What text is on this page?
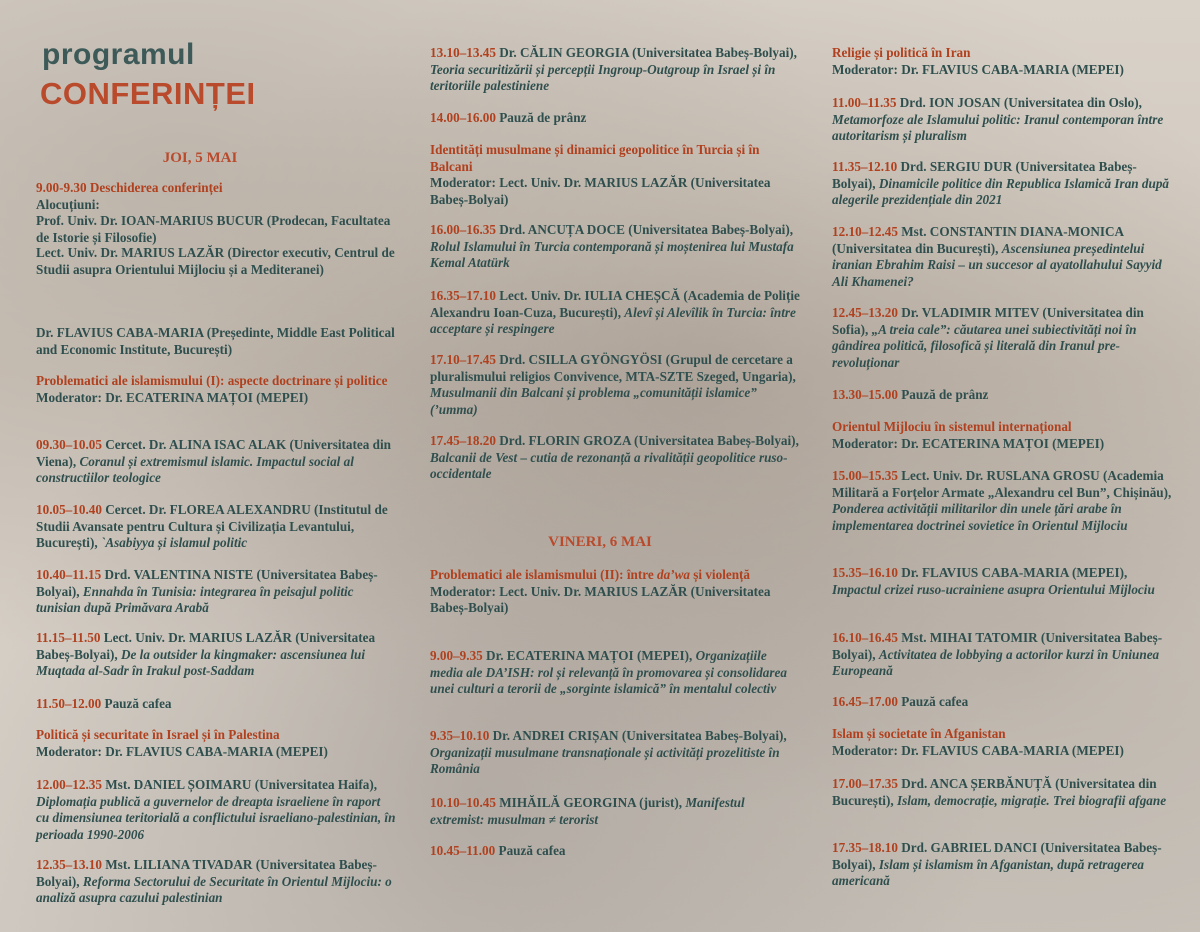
programul
CONFERINȚEI
JOI, 5 MAI
9.00-9.30 Deschiderea conferinței
Alocuțiuni:
Prof. Univ. Dr. IOAN-MARIUS BUCUR (Prodecan, Facultatea de Istorie și Filosofie)
Lect. Univ. Dr. MARIUS LAZĂR (Director executiv, Centrul de Studii asupra Orientului Mijlociu și a Mediteranei)
Dr. FLAVIUS CABA-MARIA (Președinte, Middle East Political and Economic Institute, București)
Problematici ale islamismului (I): aspecte doctrinare și politice
Moderator: Dr. ECATERINA MAȚOI (MEPEI)
09.30–10.05 Cercet. Dr. ALINA ISAC ALAK (Universitatea din Viena), Coranul și extremismul islamic. Impactul social al constructiilor teologice
10.05–10.40 Cercet. Dr. FLOREA ALEXANDRU (Institutul de Studii Avansate pentru Cultura și Civilizația Levantului, București), `Asabiyya și islamul politic
10.40–11.15 Drd. VALENTINA NISTE (Universitatea Babeș-Bolyai), Ennahda în Tunisia: integrarea în peisajul politic tunisian după Primăvara Arabă
11.15–11.50 Lect. Univ. Dr. MARIUS LAZĂR (Universitatea Babeș-Bolyai), De la outsider la kingmaker: ascensiunea lui Muqtada al-Sadr în Irakul post-Saddam
11.50–12.00 Pauză cafea
Politică și securitate în Israel și în Palestina
Moderator: Dr. FLAVIUS CABA-MARIA (MEPEI)
12.00–12.35 Mst. DANIEL ȘOIMARU (Universitatea Haifa), Diplomația publică a guvernelor de dreapta israeliene în raport cu dimensiunea teritorială a conflictului israeliano-palestinian, în perioada 1990-2006
12.35–13.10 Mst. LILIANA TIVADAR (Universitatea Babeș-Bolyai), Reforma Sectorului de Securitate în Orientul Mijlociu: o analiză asupra cazului palestinian
13.10–13.45 Dr. CĂLIN GEORGIA (Universitatea Babeș-Bolyai), Teoria securitizării și percepții Ingroup-Outgroup în Israel și în teritoriile palestiniene
14.00–16.00 Pauză de prânz
Identități musulmane și dinamici geopolitice în Turcia și în Balcani
Moderator: Lect. Univ. Dr. MARIUS LAZĂR (Universitatea Babeș-Bolyai)
16.00–16.35 Drd. ANCUȚA DOCE (Universitatea Babeș-Bolyai), Rolul Islamului în Turcia contemporană și moștenirea lui Mustafa Kemal Atatürk
16.35–17.10 Lect. Univ. Dr. IULIA CHEȘCĂ (Academia de Poliție Alexandru Ioan-Cuza, București), Alevî și Alevîlik în Turcia: între acceptare și respingere
17.10–17.45 Drd. CSILLA GYÖNGYÖSI (Grupul de cercetare a pluralismului religios Convivence, MTA-SZTE Szeged, Ungaria), Musulmanii din Balcani și problema „comunității islamice” (’umma)
17.45–18.20 Drd. FLORIN GROZA (Universitatea Babeș-Bolyai), Balcanii de Vest – cutia de rezonanță a rivalității geopolitice ruso-occidentale
VINERI, 6 MAI
Problematici ale islamismului (II): între da’wa și violență
Moderator: Lect. Univ. Dr. MARIUS LAZĂR (Universitatea Babeș-Bolyai)
9.00–9.35 Dr. ECATERINA MAȚOI (MEPEI), Organizațiile media ale DA’ISH: rol și relevanță în promovarea și consolidarea unei culturi a terorii de „sorginte islamică” în mentalul colectiv
9.35–10.10 Dr. ANDREI CRIȘAN (Universitatea Babeș-Bolyai), Organizații musulmane transnaționale și activități prozelitiste în România
10.10–10.45 MIHĂILĂ GEORGINA (jurist), Manifestul extremist: musulman ≠ terorist
10.45–11.00 Pauză cafea
Religie și politică în Iran
Moderator: Dr. FLAVIUS CABA-MARIA (MEPEI)
11.00–11.35 Drd. ION JOSAN (Universitatea din Oslo), Metamorfoze ale Islamului politic: Iranul contemporan între autoritarism și pluralism
11.35–12.10 Drd. SERGIU DUR (Universitatea Babeș-Bolyai), Dinamicile politice din Republica Islamică Iran după alegerile prezidențiale din 2021
12.10–12.45 Mst. CONSTANTIN DIANA-MONICA (Universitatea din București), Ascensiunea președintelui iranian Ebrahim Raisi – un succesor al ayatollahului Sayyid Ali Khamenei?
12.45–13.20 Dr. VLADIMIR MITEV (Universitatea din Sofia), „A treia cale”: căutarea unei subiectivități noi în gândirea politică, filosofică și literală din Iranul pre-revoluționar
13.30–15.00 Pauză de prânz
Orientul Mijlociu în sistemul internațional
Moderator: Dr. ECATERINA MAȚOI (MEPEI)
15.00–15.35 Lect. Univ. Dr. RUSLANA GROSU (Academia Militară a Forțelor Armate „Alexandru cel Bun”, Chișinău), Ponderea activității militarilor din unele țări arabe în implementarea doctrinei sovietice în Orientul Mijlociu
15.35–16.10 Dr. FLAVIUS CABA-MARIA (MEPEI), Impactul crizei ruso-ucrainiene asupra Orientului Mijlociu
16.10–16.45 Mst. MIHAI TATOMIR (Universitatea Babeș-Bolyai), Activitatea de lobbying a actorilor kurzi în Uniunea Europeană
16.45–17.00 Pauză cafea
Islam și societate în Afganistan
Moderator: Dr. FLAVIUS CABA-MARIA (MEPEI)
17.00–17.35 Drd. ANCA ȘERBĂNUȚĂ (Universitatea din București), Islam, democrație, migrație. Trei biografii afgane
17.35–18.10 Drd. GABRIEL DANCI (Universitatea Babeș-Bolyai), Islam și islamism în Afganistan, după retragerea americană
